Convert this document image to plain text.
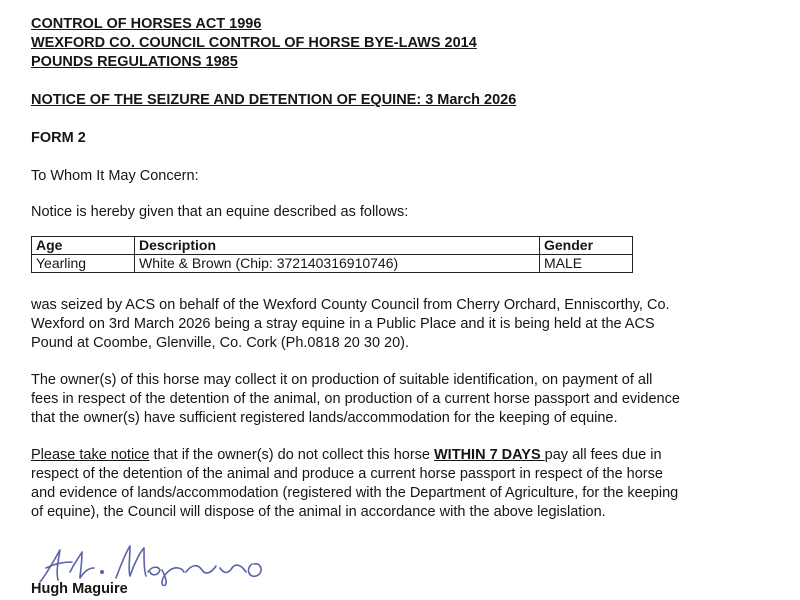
CONTROL OF HORSES ACT 1996
WEXFORD CO. COUNCIL CONTROL OF HORSE BYE-LAWS 2014
POUNDS REGULATIONS 1985
NOTICE OF THE SEIZURE AND DETENTION OF EQUINE: 3 March 2026
FORM 2
To Whom It May Concern:
Notice is hereby given that an equine described as follows:
Age	Description	Gender
Yearling	White & Brown (Chip: 372140316910746)	MALE
was seized by ACS on behalf of the Wexford County Council from Cherry Orchard, Enniscorthy, Co.
Wexford on 3rd March 2026 being a stray equine in a Public Place and it is being held at the ACS
Pound at Coombe, Glenville, Co. Cork (Ph.0818 20 30 20).
The owner(s) of this horse may collect it on production of suitable identification, on payment of all
fees in respect of the detention of the animal, on production of a current horse passport and evidence
that the owner(s) have sufficient registered lands/accommodation for the keeping of equine.
Please take notice that if the owner(s) do not collect this horse WITHIN 7 DAYS pay all fees due in
respect of the detention of the animal and produce a current horse passport in respect of the horse
and evidence of lands/accommodation (registered with the Department of Agriculture, for the keeping
of equine), the Council will dispose of the animal in accordance with the above legislation.
Hugh Maguire
